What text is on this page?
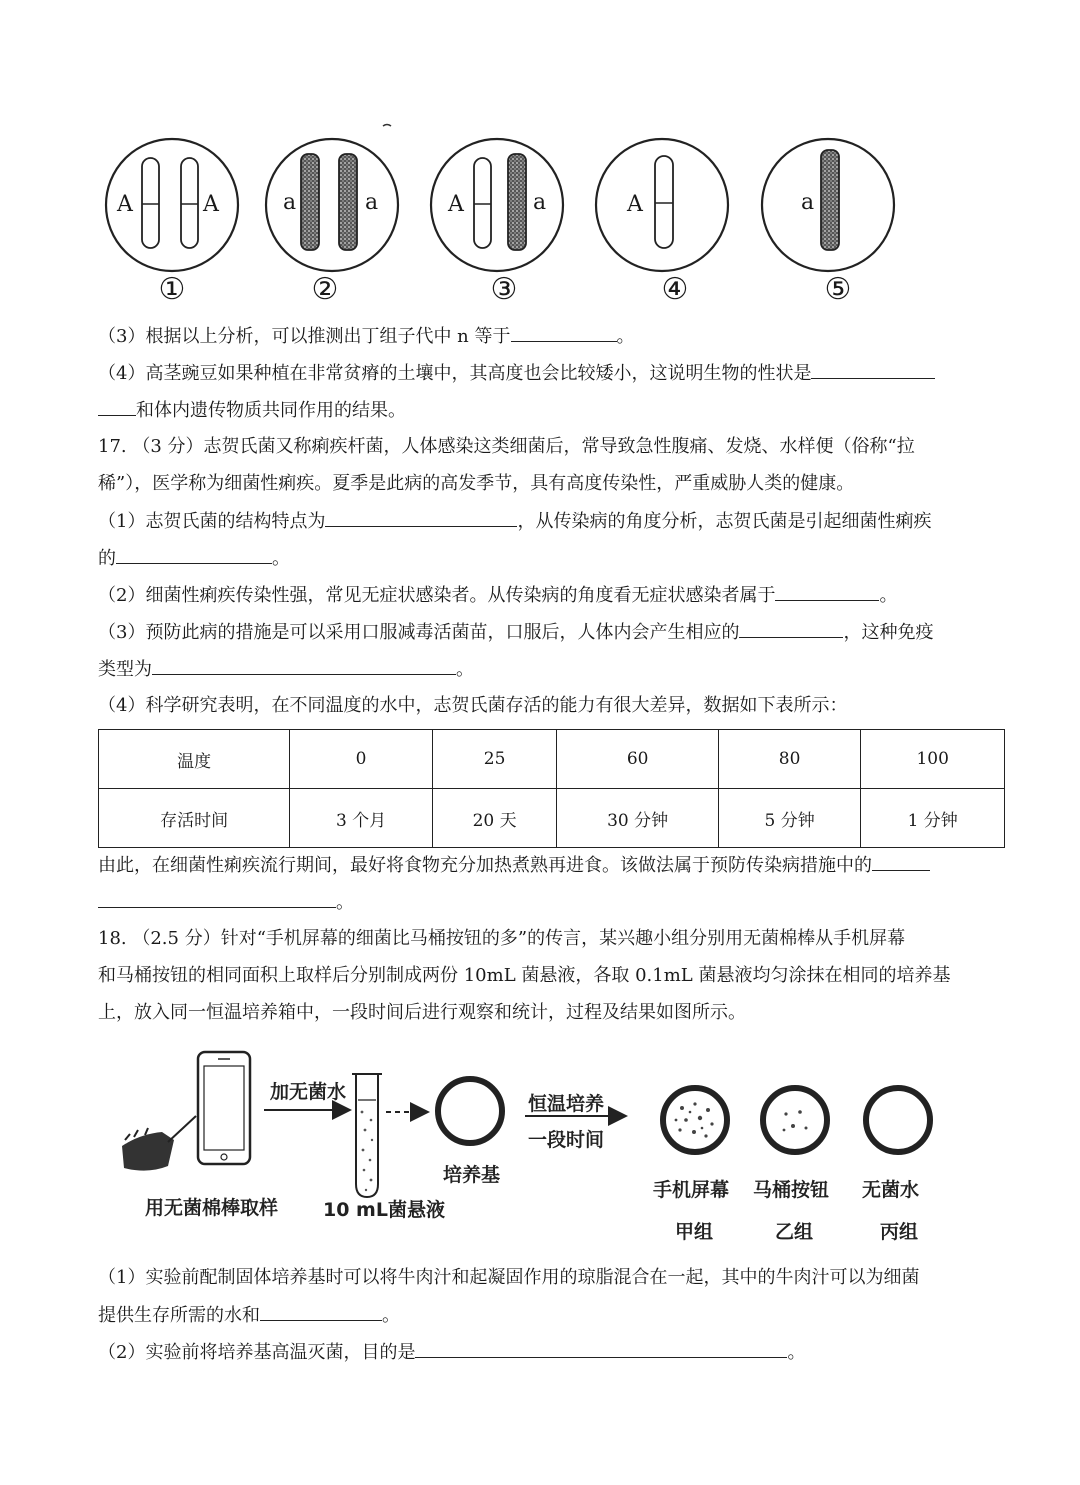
A	A	a	a	A	a	A	a
①	②	③	④	⑤
（3）根据以上分析，可以推测出丁组子代中 n 等于	。
（4）高茎豌豆如果种植在非常贫瘠的土壤中，其高度也会比较矮小，这说明生物的性状是
和体内遗传物质共同作用的结果。
17. （3 分）志贺氏菌又称痢疾杆菌，人体感染这类细菌后，常导致急性腹痛、发烧、水样便（俗称“拉
稀”），医学称为细菌性痢疾。夏季是此病的高发季节，具有高度传染性，严重威胁人类的健康。
（1）志贺氏菌的结构特点为	，从传染病的角度分析，志贺氏菌是引起细菌性痢疾
的	。
（2）细菌性痢疾传染性强，常见无症状感染者。从传染病的角度看无症状感染者属于	。
（3）预防此病的措施是可以采用口服减毒活菌苗，口服后，人体内会产生相应的	，这种免疫
类型为	。
（4）科学研究表明，在不同温度的水中，志贺氏菌存活的能力有很大差异，数据如下表所示：
温度	0	25	60	80	100
存活时间	3 个月	20 天	30 分钟	5 分钟	1 分钟
由此，在细菌性痢疾流行期间，最好将食物充分加热煮熟再进食。该做法属于预防传染病措施中的
。
18. （2.5 分）针对“手机屏幕的细菌比马桶按钮的多”的传言，某兴趣小组分别用无菌棉棒从手机屏幕
和马桶按钮的相同面积上取样后分别制成两份 10mL 菌悬液，各取 0.1mL 菌悬液均匀涂抹在相同的培养基
上，放入同一恒温培养箱中，一段时间后进行观察和统计，过程及结果如图所示。
加无菌水
恒温培养
一段时间
培养基
用无菌棉棒取样 10 mL菌悬液
手机屏幕 马桶按钮 无菌水
甲组	乙组	丙组
（1）实验前配制固体培养基时可以将牛肉汁和起凝固作用的琼脂混合在一起，其中的牛肉汁可以为细菌
提供生存所需的水和	。
（2）实验前将培养基高温灭菌，目的是	。
